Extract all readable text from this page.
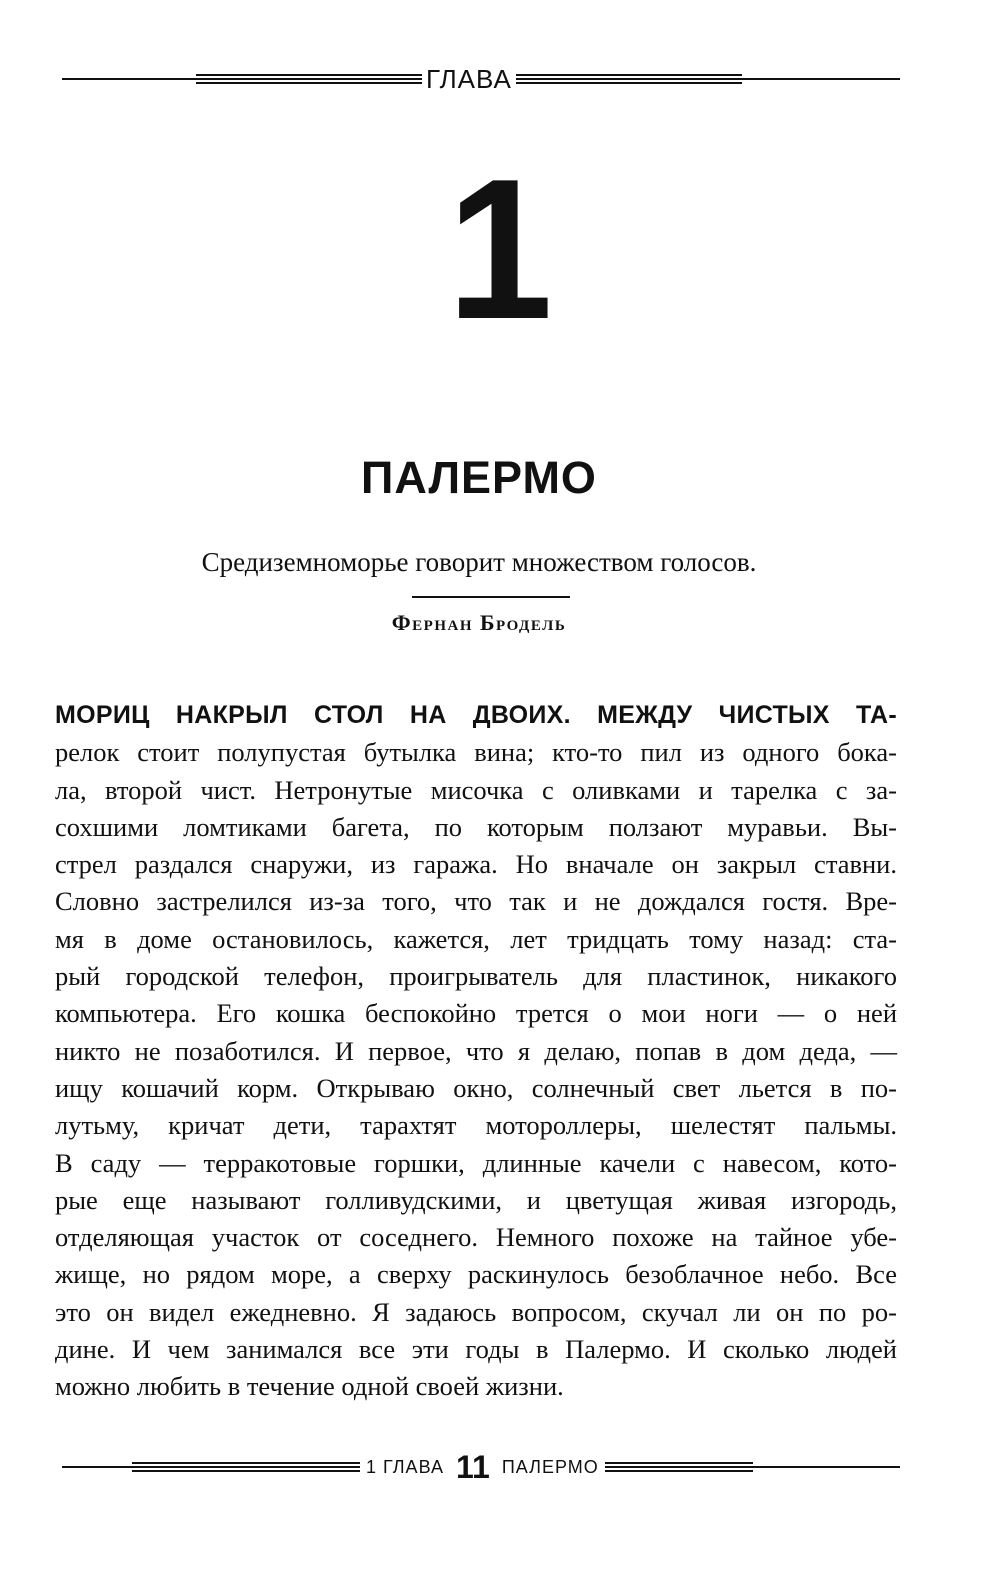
ГЛАВА
1
ПАЛЕРМО
Средиземноморье говорит множеством голосов.
Фернан Бродель
МОРИЦ НАКРЫЛ СТОЛ НА ДВОИХ. МЕЖДУ ЧИСТЫХ ТА-
релок стоит полупустая бутылка вина; кто-то пил из одного бока-
ла, второй чист. Нетронутые мисочка с оливками и тарелка с за-
сохшими ломтиками багета, по которым ползают муравьи. Вы-
стрел раздался снаружи, из гаража. Но вначале он закрыл ставни.
Словно застрелился из-за того, что так и не дождался гостя. Вре-
мя в доме остановилось, кажется, лет тридцать тому назад: ста-
рый городской телефон, проигрыватель для пластинок, никакого
компьютера. Его кошка беспокойно трется о мои ноги — о ней
никто не позаботился. И первое, что я делаю, попав в дом деда, —
ищу кошачий корм. Открываю окно, солнечный свет льется в по-
лутьму, кричат дети, тарахтят мотороллеры, шелестят пальмы.
В саду — терракотовые горшки, длинные качели с навесом, кото-
рые еще называют голливудскими, и цветущая живая изгородь,
отделяющая участок от соседнего. Немного похоже на тайное убе-
жище, но рядом море, а сверху раскинулось безоблачное небо. Все
это он видел ежедневно. Я задаюсь вопросом, скучал ли он по ро-
дине. И чем занимался все эти годы в Палермо. И сколько людей
можно любить в течение одной своей жизни.
1 ГЛАВА 11 ПАЛЕРМО
